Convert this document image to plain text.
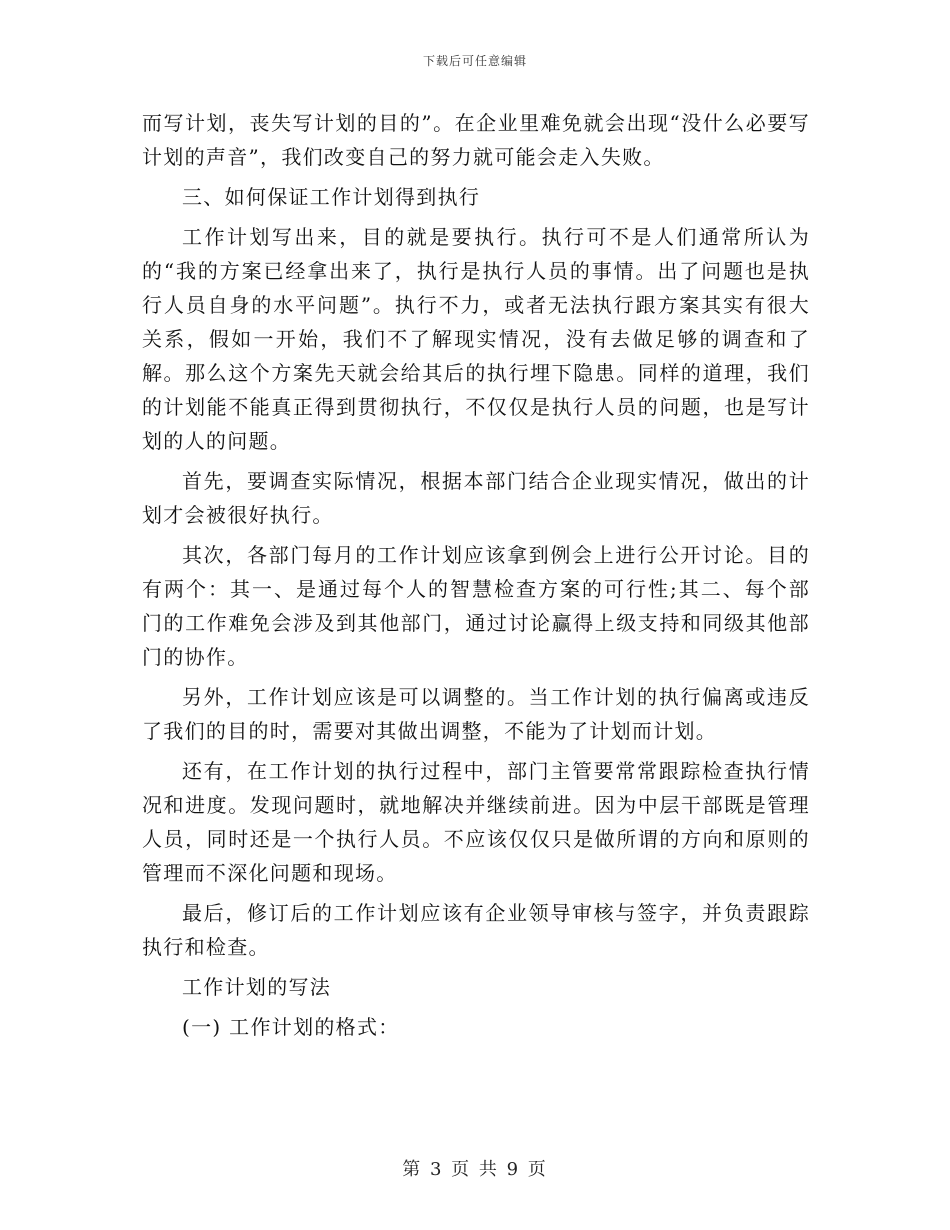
下载后可任意编辑

而写计划，丧失写计划的目的”。在企业里难免就会出现“没什么必要写计划的声音”，我们改变自己的努力就可能会走入失败。

三、如何保证工作计划得到执行

工作计划写出来，目的就是要执行。执行可不是人们通常所认为的“我的方案已经拿出来了，执行是执行人员的事情。出了问题也是执行人员自身的水平问题”。执行不力，或者无法执行跟方案其实有很大关系，假如一开始，我们不了解现实情况，没有去做足够的调查和了解。那么这个方案先天就会给其后的执行埋下隐患。同样的道理，我们的计划能不能真正得到贯彻执行，不仅仅是执行人员的问题，也是写计划的人的问题。

首先，要调查实际情况，根据本部门结合企业现实情况，做出的计划才会被很好执行。

其次，各部门每月的工作计划应该拿到例会上进行公开讨论。目的有两个：其一、是通过每个人的智慧检查方案的可行性;其二、每个部门的工作难免会涉及到其他部门，通过讨论赢得上级支持和同级其他部门的协作。

另外，工作计划应该是可以调整的。当工作计划的执行偏离或违反了我们的目的时，需要对其做出调整，不能为了计划而计划。

还有，在工作计划的执行过程中，部门主管要常常跟踪检查执行情况和进度。发现问题时，就地解决并继续前进。因为中层干部既是管理人员，同时还是一个执行人员。不应该仅仅只是做所谓的方向和原则的管理而不深化问题和现场。

最后，修订后的工作计划应该有企业领导审核与签字，并负责跟踪执行和检查。

工作计划的写法

(一) 工作计划的格式：

第 3 页 共 9 页
